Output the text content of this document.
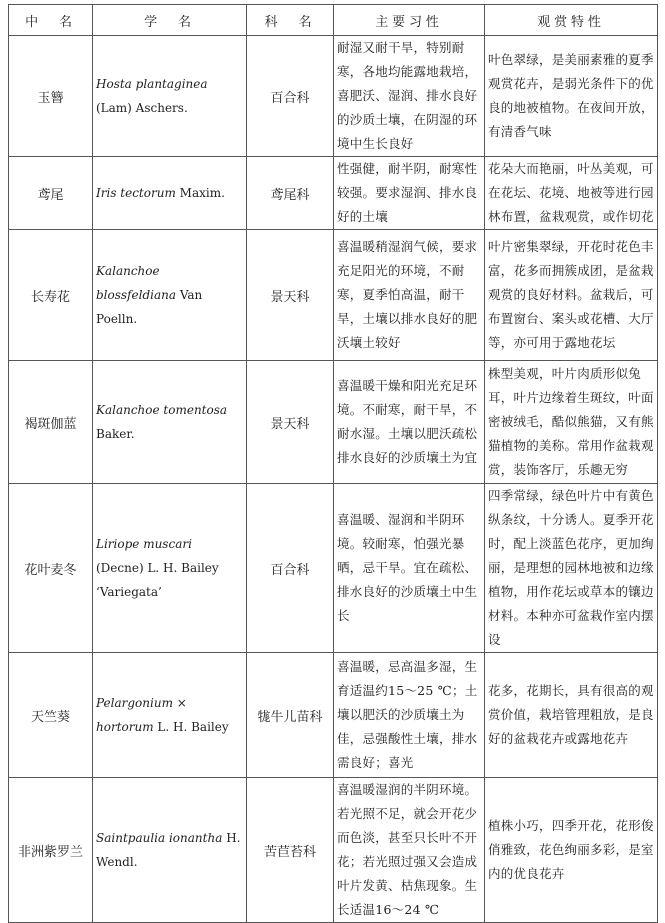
中　名	学　名	科　名	主要习性	观赏特性
玉簪	Hosta plantaginea (Lam) Aschers.	百合科	耐湿又耐干旱，特别耐寒，各地均能露地栽培，喜肥沃、湿润、排水良好的沙质土壤，在阴湿的环境中生长良好	叶色翠绿，是美丽素雅的夏季观赏花卉，是弱光条件下的优良的地被植物。在夜间开放，有清香气味
鸢尾	Iris tectorum Maxim.	鸢尾科	性强健，耐半阴，耐寒性较强。要求湿润、排水良好的土壤	花朵大而艳丽，叶丛美观，可在花坛、花境、地被等进行园林布置，盆栽观赏，或作切花
长寿花	Kalanchoe blossfeldiana Van Poelln.	景天科	喜温暖稍湿润气候，要求充足阳光的环境，不耐寒，夏季怕高温，耐干旱，土壤以排水良好的肥沃壤土较好	叶片密集翠绿，开花时花色丰富，花多而拥簇成团，是盆栽观赏的良好材料。盆栽后，可布置窗台、案头或花槽、大厅等，亦可用于露地花坛
褐斑伽蓝	Kalanchoe tomentosa Baker.	景天科	喜温暖干燥和阳光充足环境。不耐寒，耐干旱，不耐水湿。土壤以肥沃疏松排水良好的沙质壤土为宜	株型美观，叶片肉质形似兔耳，叶片边缘着生斑纹，叶面密被绒毛，酷似熊猫，又有熊猫植物的美称。常用作盆栽观赏，装饰客厅，乐趣无穷
花叶麦冬	Liriope muscari (Decne) L. H. Bailey ‘Variegata’	百合科	喜温暖、湿润和半阴环境。较耐寒，怕强光暴晒，忌干旱。宜在疏松、排水良好的沙质壤土中生长	四季常绿，绿色叶片中有黄色纵条纹，十分诱人。夏季开花时，配上淡蓝色花序，更加绚丽，是理想的园林地被和边缘植物，用作花坛或草本的镶边材料。本种亦可盆栽作室内摆设
天竺葵	Pelargonium × hortorum L. H. Bailey	牻牛儿苗科	喜温暖，忌高温多湿，生育适温约15～25 ℃；土壤以肥沃的沙质壤土为佳，忌强酸性土壤，排水需良好；喜光	花多，花期长，具有很高的观赏价值，栽培管理粗放，是良好的盆栽花卉或露地花卉
非洲紫罗兰	Saintpaulia ionantha H. Wendl.	苦苣苔科	喜温暖湿润的半阴环境。若光照不足，就会开花少而色淡，甚至只长叶不开花；若光照过强又会造成叶片发黄、枯焦现象。生长适温16～24 ℃	植株小巧，四季开花，花形俊俏雅致，花色绚丽多彩，是室内的优良花卉
